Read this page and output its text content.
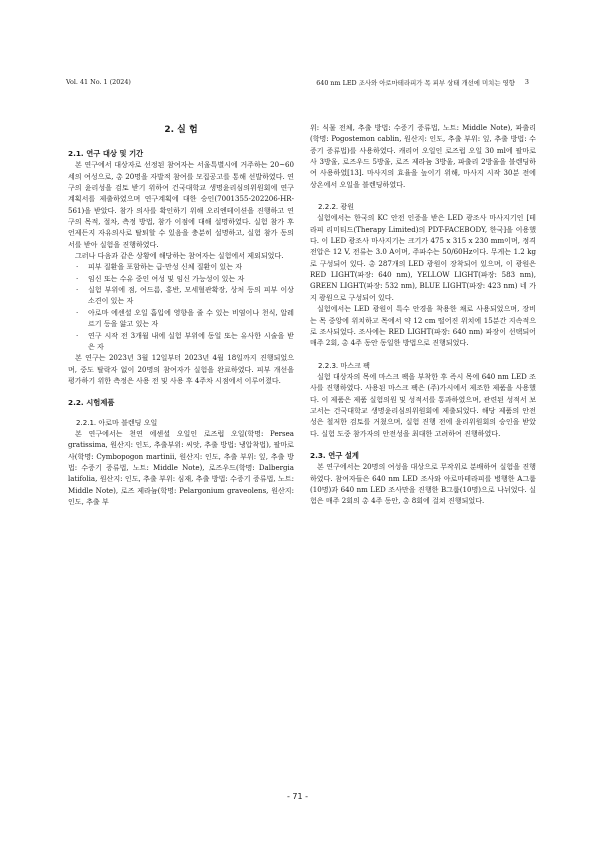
Vol. 41 No. 1 (2024)	640 nm LED 조사와 아로마테라피가 목 피부 상태 개선에 미치는 영향	3
2. 실 험
2.1. 연구 대상 및 기간

본 연구에서 대상자로 선정된 참여자는 서울특별시에 거주하는 20~60세의 여성으로, 총 20명을 자발적 참여를 모집공고를 통해 선발하였다. 연구의 윤리성을 검토 받기 위하여 건국대학교 생명윤리심의위원회에 연구 계획서를 제출하였으며 연구계획에 대한 승인(7001355-202206-HR-561)을 받았다. 참가 의사를 확인하기 위해 오리엔테이션을 진행하고 연구의 목적, 절차, 측정 방법, 참가 이점에 대해 설명하였다. 실험 참가 후 언제든지 자유의사로 탈퇴할 수 있음을 충분히 설명하고, 실험 참가 동의서를 받아 실험을 진행하였다.

그러나 다음과 같은 상황에 해당하는 참여자는 실험에서 제외되었다.

· 피부 질환을 포함하는 급·만성 신체 질환이 있는 자
· 임신 또는 수유 중인 여성 및 임신 가능성이 있는 자
· 실험 부위에 점, 여드름, 홍반, 모세혈관확장, 상처 등의 피부 이상 소견이 있는 자
· 아로마 에센셜 오일 흡입에 영향을 줄 수 있는 비염이나 천식, 알레르기 등을 앓고 있는 자
· 연구 시작 전 3개월 내에 실험 부위에 동일 또는 유사한 시술을 받은 자

본 연구는 2023년 3월 12일부터 2023년 4월 18일까지 진행되었으며, 중도 탈락자 없이 20명의 참여자가 실험을 완료하였다. 피부 개선을 평가하기 위한 측정은 사용 전 및 사용 후 4주차 시점에서 이루어졌다.

2.2. 시험제품
2.2.1. 아로마 블렌딩 오일

본 연구에서는 천연 에센셜 오일인 로즈럽 오일(학명: Persea gratissima, 원산지: 인도, 추출부위: 씨앗, 추출 방법: 냉압착법), 팔마로사(학명: Cymbopogon martinii, 원산지: 인도, 추출 부위: 잎, 추출 방법: 수증기 증류법, 노트: Middle Note), 로즈우드(학명: Dalbergia latifolia, 원산지: 인도, 추출 부위: 심재, 추출 방법: 수증기 증류법, 노트: Middle Note), 로즈 제라늄(학명: Pelargonium graveolens, 원산지: 인도, 추출 부

위: 식물 전체, 추출 방법: 수증기 증류법, 노트: Middle Note), 파출리(학명: Pogostemon cablin, 원산지: 인도, 추출 부위: 잎, 추출 방법: 수증기 증류법)를 사용하였다. 캐리어 오일인 로즈럽 오일 30 ml에 팔마로사 3방울, 로즈우드 5방울, 로즈 제라늄 3방울, 파출리 2방울을 블렌딩하여 사용하였[13]. 마사지의 효율을 높이기 위해, 마사지 시작 30분 전에 상온에서 오일을 블렌딩하였다.

2.2.2. 광원

실험에서는 한국의 KC 안전 인증을 받은 LED 광조사 마사지기인 [테라피 리미티드(Therapy Limited)의 PDT-FACEBODY, 한국]을 이용했다. 이 LED 광조사 마사지기는 크기가 475 x 315 x 230 mm이며, 정격 전압은 12 V, 전류는 3.0 A이며, 주파수는 50/60Hz이다. 무게는 1.2 kg로 구성되어 있다. 총 287개의 LED 광원이 장착되어 있으며, 이 광원은 RED LIGHT(파장: 640 nm), YELLOW LIGHT(파장: 583 nm), GREEN LIGHT(파장: 532 nm), BLUE LIGHT(파장: 423 nm) 네 가지 광원으로 구성되어 있다.

실험에서는 LED 광원이 특수 안경을 착용한 채로 사용되었으며, 장비는 목 중앙에 위치하고 목에서 약 12 cm 떨어진 위치에 15분간 지속적으로 조사되었다. 조사에는 RED LIGHT(파장: 640 nm) 파장이 선택되어 매주 2회, 총 4주 동안 동일한 방법으로 진행되었다.

2.2.3. 마스크 팩

실험 대상자의 목에 마스크 팩을 부착한 후 즉시 목에 640 nm LED 조사를 진행하였다. 사용된 마스크 팩은 (주)가시에서 제조한 제품을 사용했다. 이 제품은 제품 실험의원 및 성적서를 통과하였으며, 관련된 성적서 보고서는 건국대학교 생명윤리심의위원회에 제출되었다. 해당 제품의 안전성은 철저한 검토를 거쳤으며, 실험 진행 전에 윤리위원회의 승인을 받았다. 실험 도중 참가자의 안전성을 최대한 고려하여 진행하였다.

2.3. 연구 설계

본 연구에서는 20명의 여성을 대상으로 무작위로 분배하여 실험을 진행하였다. 참여자들은 640 nm LED 조사와 아로마테라피를 병행한 A그룹(10명)과 640 nm LED 조사만을 진행한 B그룹(10명)으로 나뉘었다. 실험은 매주 2회의 총 4주 동안, 총 8회에 걸쳐 진행되었다.

- 71 -
